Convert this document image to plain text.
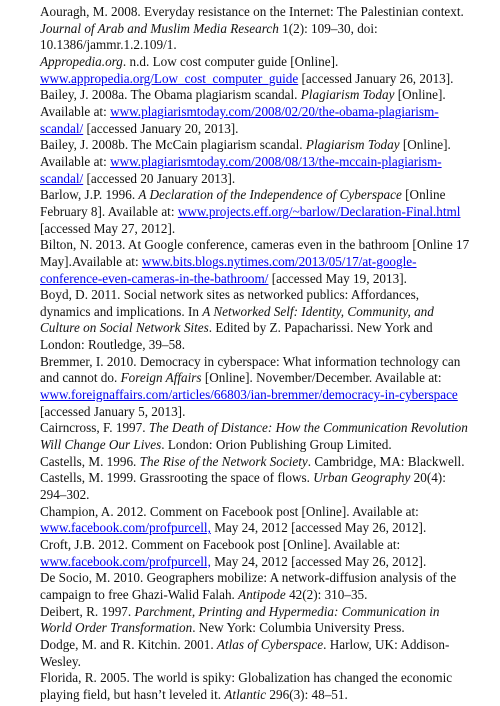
Aouragh, M. 2008. Everyday resistance on the Internet: The Palestinian context. Journal of Arab and Muslim Media Research 1(2): 109–30, doi: 10.1386/jammr.1.2.109/1.

Appropedia.org. n.d. Low cost computer guide [Online]. www.appropedia.org/Low_cost_computer_guide [accessed January 26, 2013].

Bailey, J. 2008a. The Obama plagiarism scandal. Plagiarism Today [Online]. Available at: www.plagiarismtoday.com/2008/02/20/the-obama-plagiarism-scandal/ [accessed January 20, 2013].

Bailey, J. 2008b. The McCain plagiarism scandal. Plagiarism Today [Online]. Available at: www.plagiarismtoday.com/2008/08/13/the-mccain-plagiarism-scandal/ [accessed 20 January 2013].

Barlow, J.P. 1996. A Declaration of the Independence of Cyberspace [Online February 8]. Available at: www.projects.eff.org/~barlow/Declaration-Final.html [accessed May 27, 2012].

Bilton, N. 2013. At Google conference, cameras even in the bathroom [Online 17 May].Available at: www.bits.blogs.nytimes.com/2013/05/17/at-google-conference-even-cameras-in-the-bathroom/ [accessed May 19, 2013].

Boyd, D. 2011. Social network sites as networked publics: Affordances, dynamics and implications. In A Networked Self: Identity, Community, and Culture on Social Network Sites. Edited by Z. Papacharissi. New York and London: Routledge, 39–58.

Bremmer, I. 2010. Democracy in cyberspace: What information technology can and cannot do. Foreign Affairs [Online]. November/December. Available at: www.foreignaffairs.com/articles/66803/ian-bremmer/democracy-in-cyberspace [accessed January 5, 2013].

Cairncross, F. 1997. The Death of Distance: How the Communication Revolution Will Change Our Lives. London: Orion Publishing Group Limited.

Castells, M. 1996. The Rise of the Network Society. Cambridge, MA: Blackwell.

Castells, M. 1999. Grassrooting the space of flows. Urban Geography 20(4): 294–302.

Champion, A. 2012. Comment on Facebook post [Online]. Available at: www.facebook.com/profpurcell, May 24, 2012 [accessed May 26, 2012].

Croft, J.B. 2012. Comment on Facebook post [Online]. Available at: www.facebook.com/profpurcell, May 24, 2012 [accessed May 26, 2012].

De Socio, M. 2010. Geographers mobilize: A network-diffusion analysis of the campaign to free Ghazi-Walid Falah. Antipode 42(2): 310–35.

Deibert, R. 1997. Parchment, Printing and Hypermedia: Communication in World Order Transformation. New York: Columbia University Press.

Dodge, M. and R. Kitchin. 2001. Atlas of Cyberspace. Harlow, UK: Addison-Wesley.

Florida, R. 2005. The world is spiky: Globalization has changed the economic playing field, but hasn’t leveled it. Atlantic 296(3): 48–51.
